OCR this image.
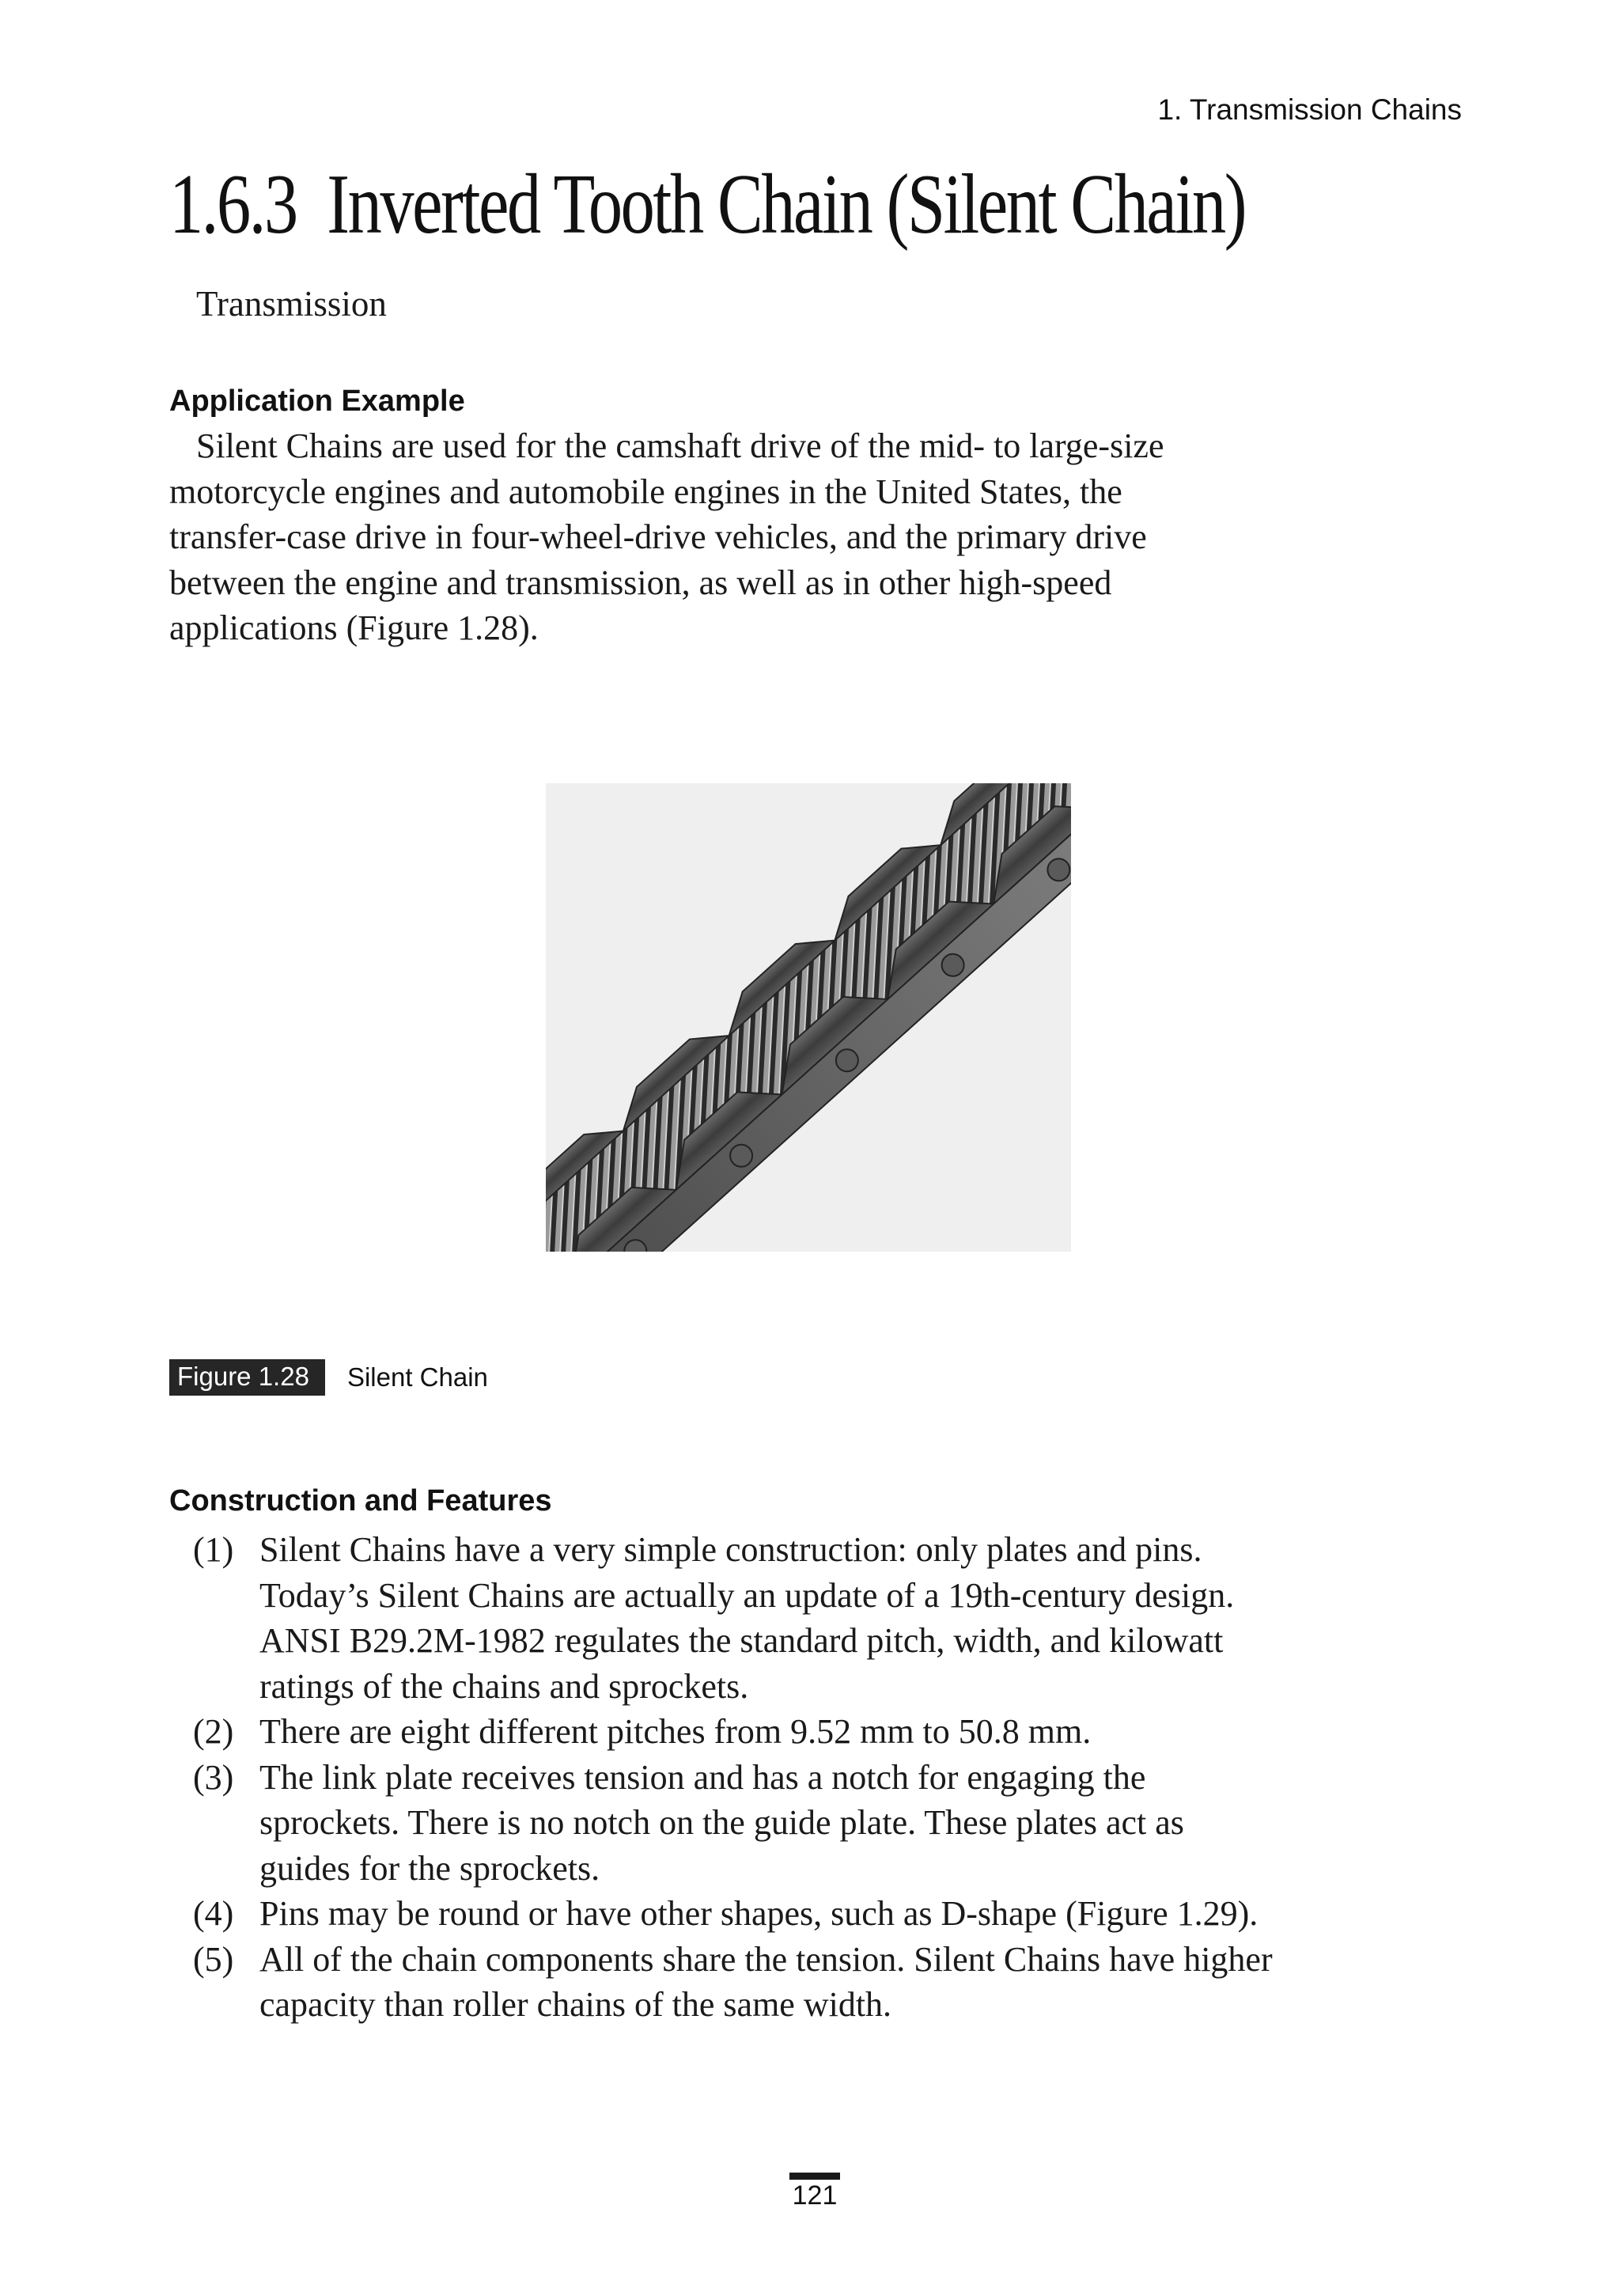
1. Transmission Chains
1.6.3 Inverted Tooth Chain (Silent Chain)
Transmission
Application Example

Silent Chains are used for the camshaft drive of the mid- to large-size
motorcycle engines and automobile engines in the United States, the
transfer-case drive in four-wheel-drive vehicles, and the primary drive
between the engine and transmission, as well as in other high-speed
applications (Figure 1.28).

Figure 1.28	Silent Chain
Construction and Features
(1) Silent Chains have a very simple construction: only plates and pins.
Today’s Silent Chains are actually an update of a 19th-century design.
ANSI B29.2M-1982 regulates the standard pitch, width, and kilowatt
ratings of the chains and sprockets.
(2) There are eight different pitches from 9.52 mm to 50.8 mm.
(3) The link plate receives tension and has a notch for engaging the
sprockets. There is no notch on the guide plate. These plates act as
guides for the sprockets.
(4) Pins may be round or have other shapes, such as D-shape (Figure 1.29).
(5) All of the chain components share the tension. Silent Chains have higher
capacity than roller chains of the same width.
121
